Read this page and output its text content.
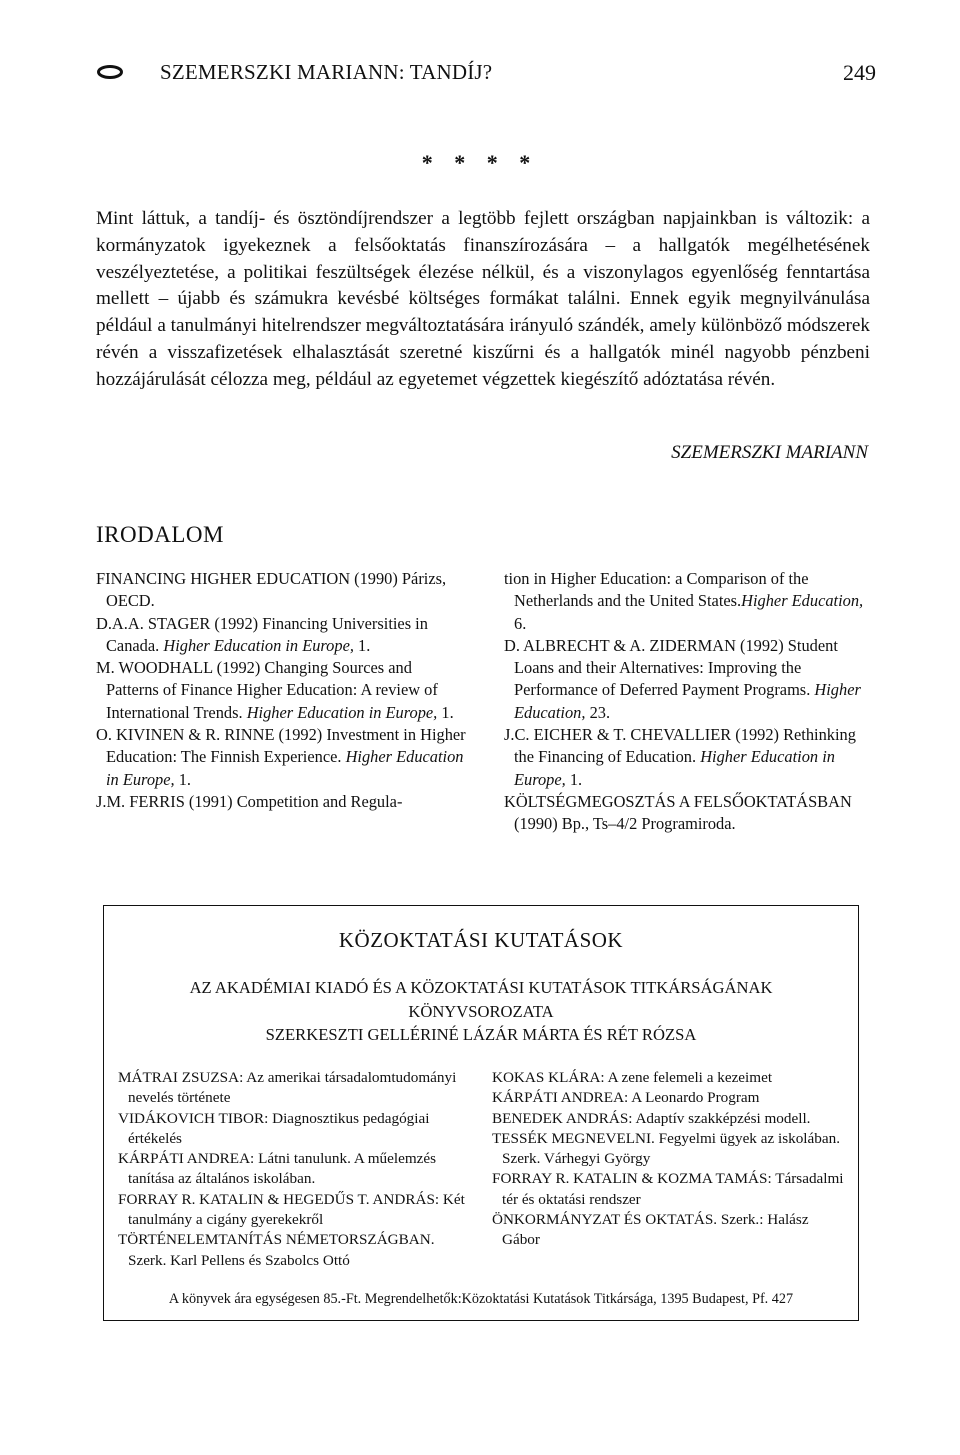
SZEMERSZKI MARIANN: TANDÍJ?	249
* * * *

Mint láttuk, a tandíj- és ösztöndíjrendszer a legtöbb fejlett országban napjainkban is változik: a kormányzatok igyekeznek a felsőoktatás finanszírozására – a hallgatók megélhetésének veszélyeztetése, a politikai feszültségek élezése nélkül, és a viszonylagos egyenlőség fenntartása mellett – újabb és számukra kevésbé költséges formákat találni. Ennek egyik megnyilvánulása például a tanulmányi hitelrendszer megváltoztatására irányuló szándék, amely különböző módszerek révén a visszafizetések elhalasztását szeretné kiszűrni és a hallgatók minél nagyobb pénzbeni hozzájárulását célozza meg, például az egyetemet végzettek kiegészítő adóztatása révén.

SZEMERSZKI MARIANN
IRODALOM

FINANCING HIGHER EDUCATION (1990) Párizs, OECD.

D.A.A. STAGER (1992) Financing Universities in Canada. Higher Education in Europe, 1.

M. WOODHALL (1992) Changing Sources and Patterns of Finance Higher Education: A review of International Trends. Higher Education in Europe, 1.

O. KIVINEN & R. RINNE (1992) Investment in Higher Education: The Finnish Experience. Higher Education in Europe, 1.

J.M. FERRIS (1991) Competition and Regula-

tion in Higher Education: a Comparison of the Netherlands and the United States.Higher Education, 6.

D. ALBRECHT & A. ZIDERMAN (1992) Student Loans and their Alternatives: Improving the Performance of Deferred Payment Programs. Higher Education, 23.

J.C. EICHER & T. CHEVALLIER (1992) Rethinking the Financing of Education. Higher Education in Europe, 1.

KÖLTSÉGMEGOSZTÁS A FELSŐOKTATÁSBAN (1990) Bp., Ts–4/2 Programiroda.

KÖZOKTATÁSI KUTATÁSOK
AZ AKADÉMIAI KIADÓ ÉS A KÖZOKTATÁSI KUTATÁSOK TITKÁRSÁGÁNAK
KÖNYVSOROZATA
SZERKESZTI GELLÉRINÉ LÁZÁR MÁRTA ÉS RÉT RÓZSA

MÁTRAI ZSUZSA: Az amerikai társadalomtudományi nevelés története

VIDÁKOVICH TIBOR: Diagnosztikus pedagógiai értékelés

KÁRPÁTI ANDREA: Látni tanulunk. A műelemzés tanítása az általános iskolában.

FORRAY R. KATALIN & HEGEDŰS T. ANDRÁS: Két tanulmány a cigány gyerekekről

TÖRTÉNELEMTANÍTÁS NÉMETORSZÁGBAN. Szerk. Karl Pellens és Szabolcs Ottó

KOKAS KLÁRA: A zene felemeli a kezeimet

KÁRPÁTI ANDREA: A Leonardo Program

BENEDEK ANDRÁS: Adaptív szakképzési modell.

TESSÉK MEGNEVELNI. Fegyelmi ügyek az iskolában. Szerk. Várhegyi György

FORRAY R. KATALIN & KOZMA TAMÁS: Társadalmi tér és oktatási rendszer

ÖNKORMÁNYZAT ÉS OKTATÁS. Szerk.: Halász Gábor

A könyvek ára egységesen 85.-Ft. Megrendelhetők:Közoktatási Kutatások Titkársága, 1395 Budapest, Pf. 427
